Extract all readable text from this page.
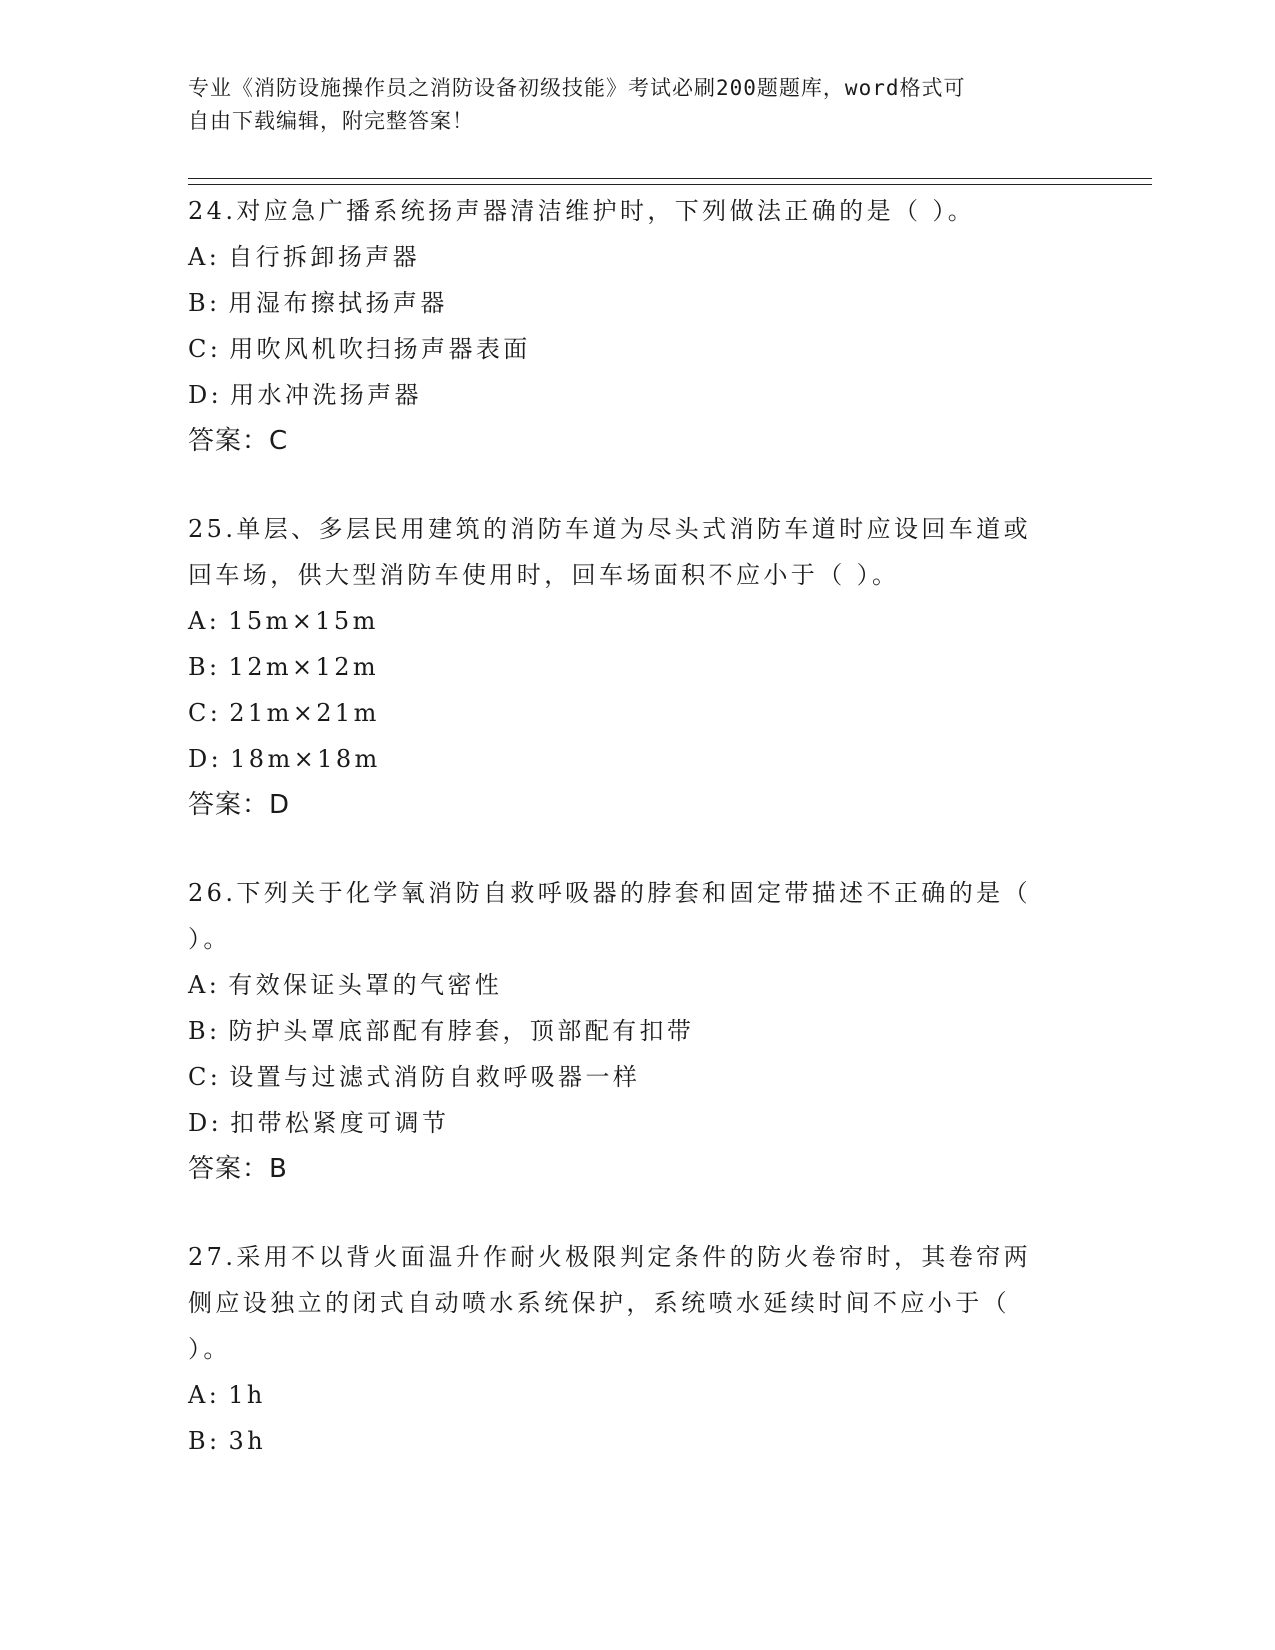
专业《消防设施操作员之消防设备初级技能》考试必刷200题题库，word格式可
自由下载编辑，附完整答案！

24.对应急广播系统扬声器清洁维护时，下列做法正确的是（ ）。

A: 自行拆卸扬声器

B: 用湿布擦拭扬声器

C: 用吹风机吹扫扬声器表面

D: 用水冲洗扬声器

答案：C

25.单层、多层民用建筑的消防车道为尽头式消防车道时应设回车道或

回车场，供大型消防车使用时，回车场面积不应小于（ ）。

A: 15m×15m

B: 12m×12m

C: 21m×21m

D: 18m×18m

答案：D

26.下列关于化学氧消防自救呼吸器的脖套和固定带描述不正确的是（

）。

A: 有效保证头罩的气密性

B: 防护头罩底部配有脖套，顶部配有扣带

C: 设置与过滤式消防自救呼吸器一样

D: 扣带松紧度可调节

答案：B

27.采用不以背火面温升作耐火极限判定条件的防火卷帘时，其卷帘两

侧应设独立的闭式自动喷水系统保护，系统喷水延续时间不应小于（

）。

A: 1h

B: 3h
